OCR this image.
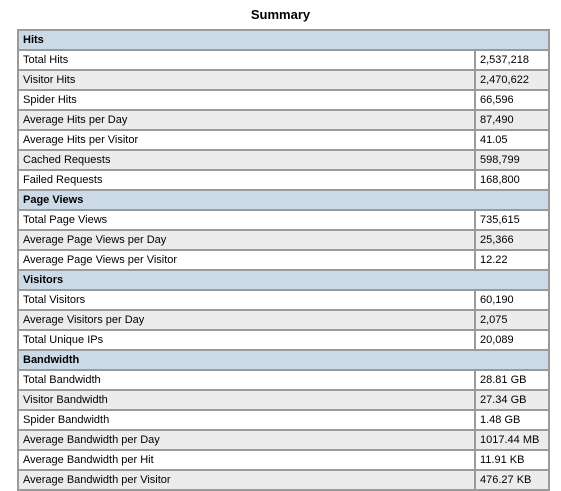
Summary
Hits	
Total Hits	2,537,218
Visitor Hits	2,470,622
Spider Hits	66,596
Average Hits per Day	87,490
Average Hits per Visitor	41.05
Cached Requests	598,799
Failed Requests	168,800
Page Views	
Total Page Views	735,615
Average Page Views per Day	25,366
Average Page Views per Visitor	12.22
Visitors	
Total Visitors	60,190
Average Visitors per Day	2,075
Total Unique IPs	20,089
Bandwidth	
Total Bandwidth	28.81 GB
Visitor Bandwidth	27.34 GB
Spider Bandwidth	1.48 GB
Average Bandwidth per Day	1017.44 MB
Average Bandwidth per Hit	11.91 KB
Average Bandwidth per Visitor	476.27 KB
